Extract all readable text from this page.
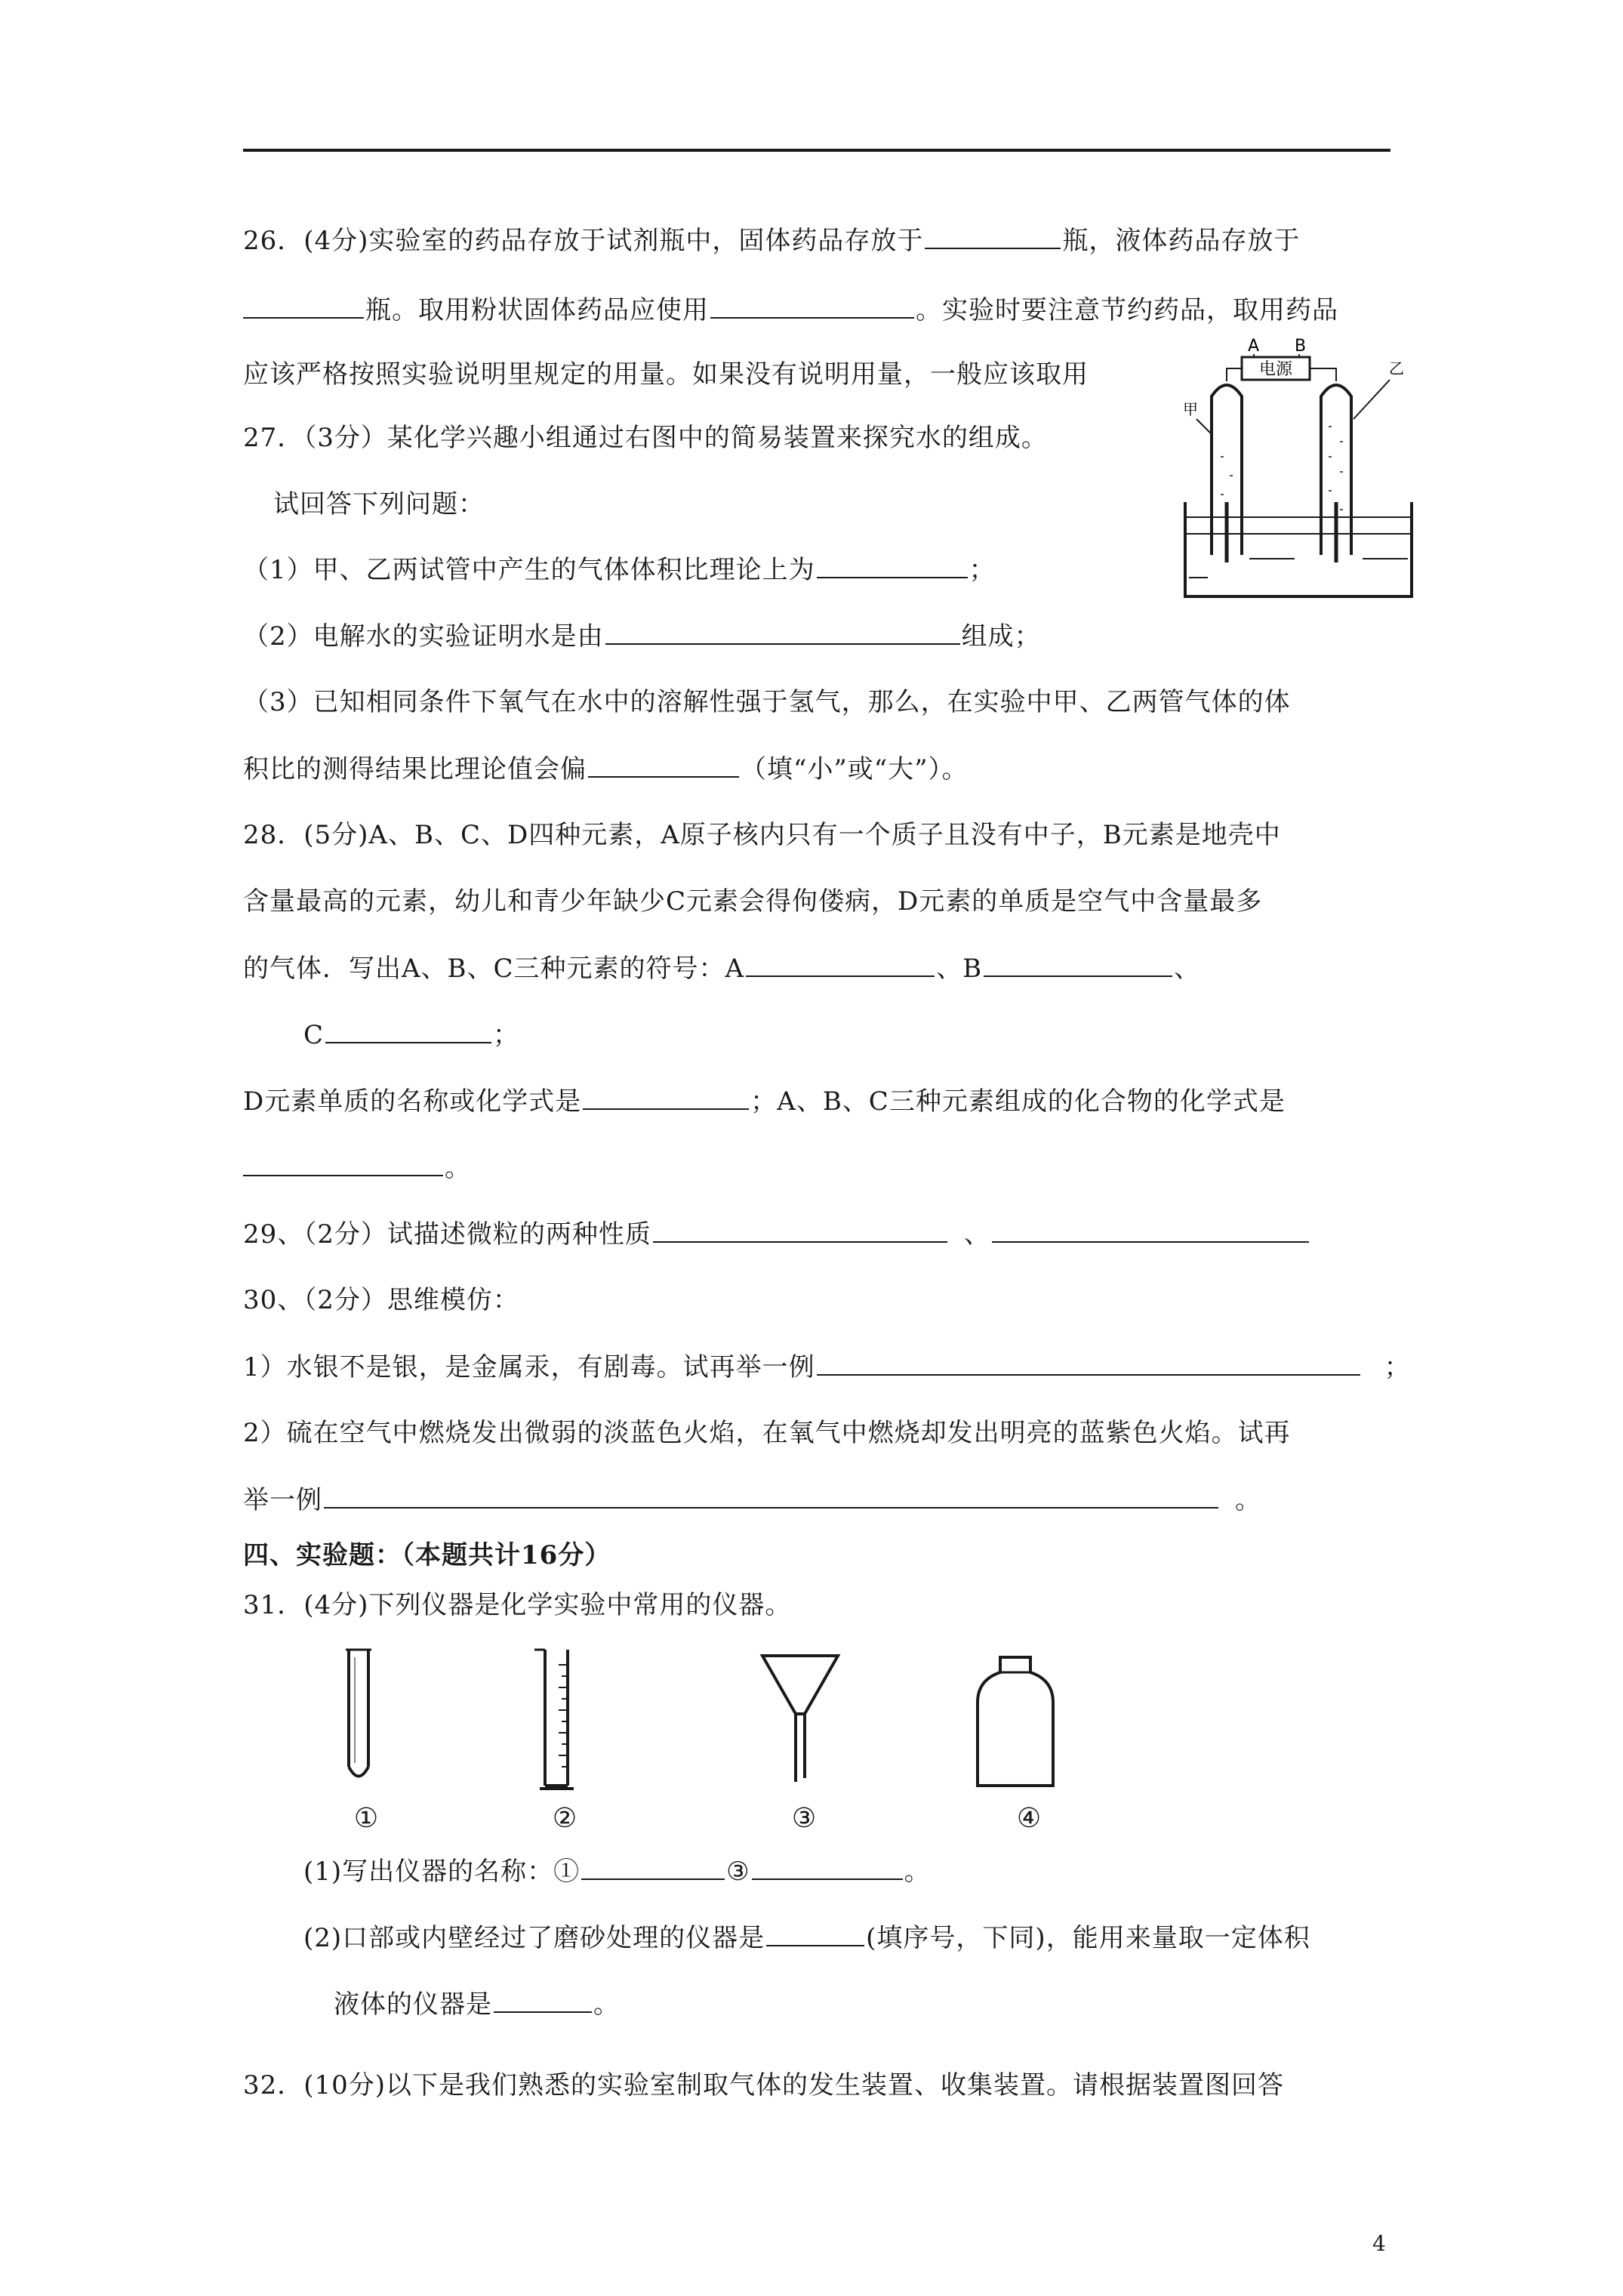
26．(4分)实验室的药品存放于试剂瓶中，固体药品存放于	瓶，液体药品存放于
瓶。取用粉状固体药品应使用	。实验时要注意节约药品，取用药品
应该严格按照实验说明里规定的用量。如果没有说明用量，一般应该取用	电源
A B
甲
乙
27．（3分）某化学兴趣小组通过右图中的简易装置来探究水的组成。
试回答下列问题：
（1）甲、乙两试管中产生的气体体积比理论上为	；
（2）电解水的实验证明水是由	组成；
（3）已知相同条件下氧气在水中的溶解性强于氢气，那么，在实验中甲、乙两管气体的体
积比的测得结果比理论值会偏	（填“小”或“大”）。
28．(5分)A、B、C、D四种元素，A原子核内只有一个质子且没有中子，B元素是地壳中
含量最高的元素，幼儿和青少年缺少C元素会得佝偻病，D元素的单质是空气中含量最多
的气体．写出A、B、C三种元素的符号：A	、B	、
C	；
D元素单质的名称或化学式是	；A、B、C三种元素组成的化合物的化学式是
。
29、（2分）试描述微粒的两种性质	、
30、（2分）思维模仿：
1）水银不是银，是金属汞，有剧毒。试再举一例	；
2）硫在空气中燃烧发出微弱的淡蓝色火焰，在氧气中燃烧却发出明亮的蓝紫色火焰。试再
举一例	。
四、实验题：（本题共计16分）
31．(4分)下列仪器是化学实验中常用的仪器。
①	②	③	④
(1)写出仪器的名称：①	③	。
(2)口部或内壁经过了磨砂处理的仪器是	(填序号，下同)，能用来量取一定体积
液体的仪器是	。
32．(10分)以下是我们熟悉的实验室制取气体的发生装置、收集装置。请根据装置图回答
4
